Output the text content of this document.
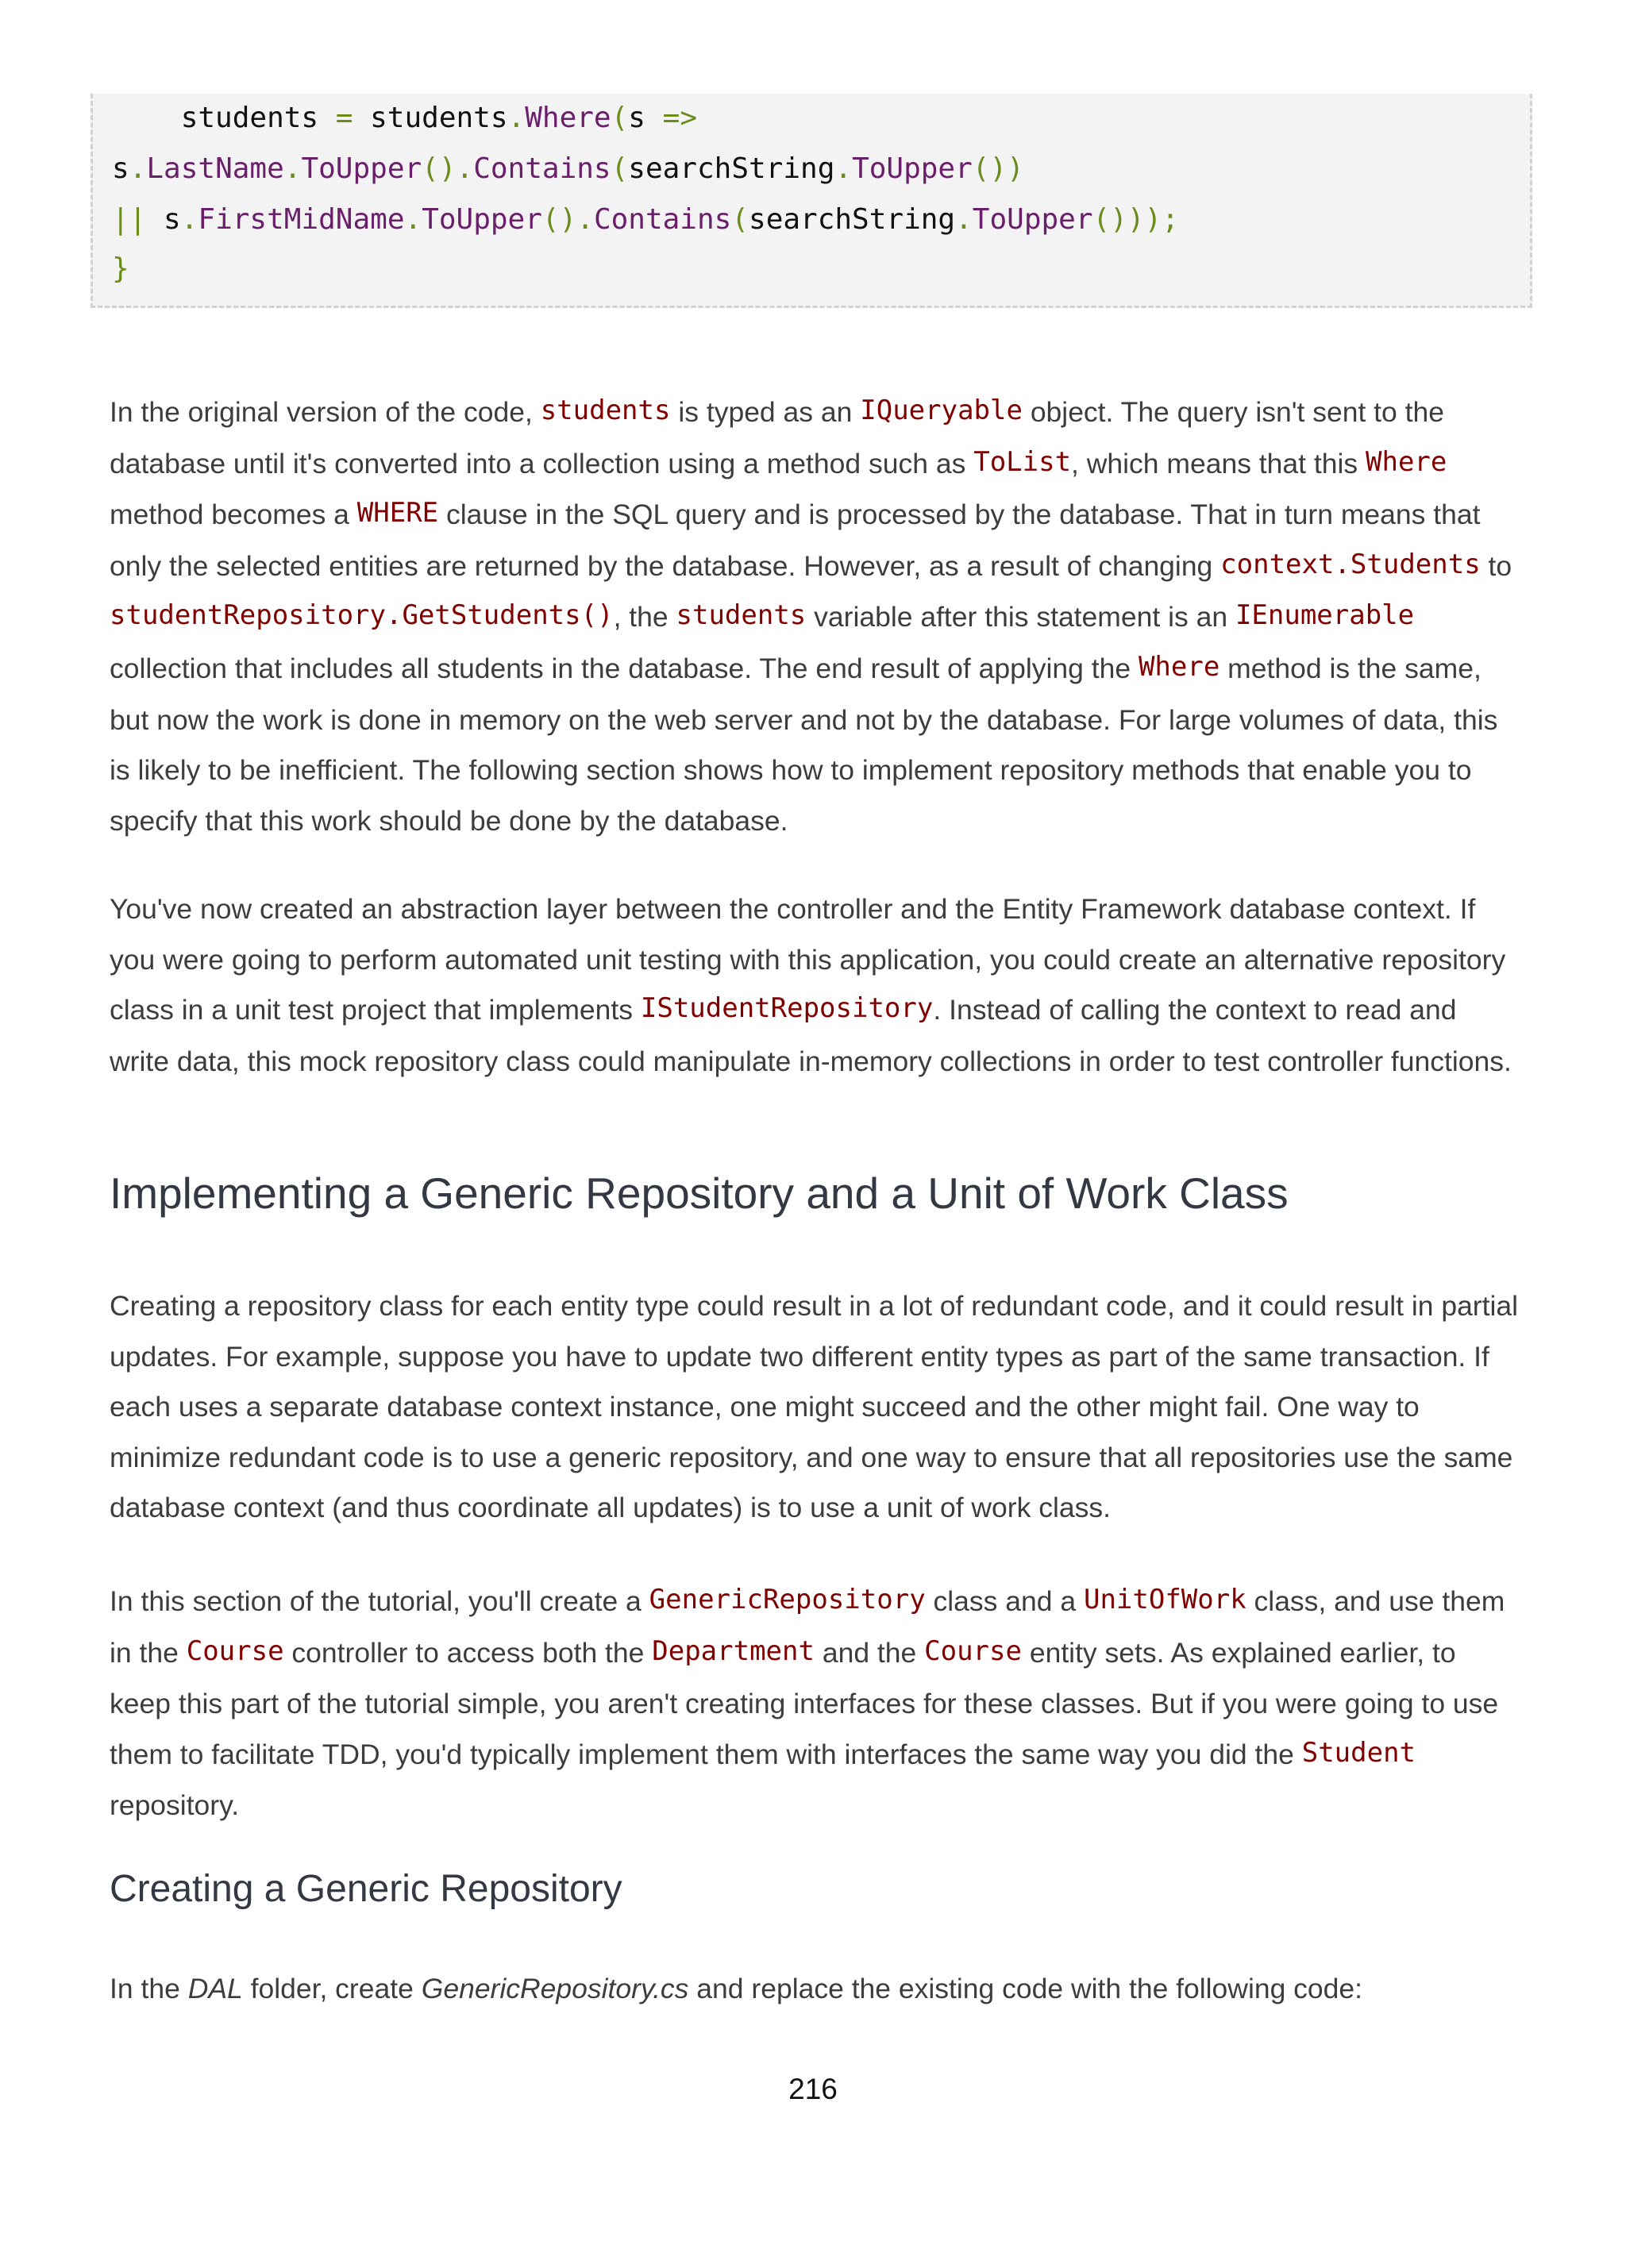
students = students.Where(s =>
s.LastName.ToUpper().Contains(searchString.ToUpper())
|| s.FirstMidName.ToUpper().Contains(searchString.ToUpper()));
}

In the original version of the code, students is typed as an IQueryable object. The query isn't sent to the database until it's converted into a collection using a method such as ToList, which means that this Where method becomes a WHERE clause in the SQL query and is processed by the database. That in turn means that only the selected entities are returned by the database. However, as a result of changing context.Students to studentRepository.GetStudents(), the students variable after this statement is an IEnumerable collection that includes all students in the database. The end result of applying the Where method is the same, but now the work is done in memory on the web server and not by the database. For large volumes of data, this is likely to be inefficient. The following section shows how to implement repository methods that enable you to specify that this work should be done by the database.

You've now created an abstraction layer between the controller and the Entity Framework database context. If you were going to perform automated unit testing with this application, you could create an alternative repository class in a unit test project that implements IStudentRepository. Instead of calling the context to read and write data, this mock repository class could manipulate in-memory collections in order to test controller functions.

Implementing a Generic Repository and a Unit of Work Class

Creating a repository class for each entity type could result in a lot of redundant code, and it could result in partial updates. For example, suppose you have to update two different entity types as part of the same transaction. If each uses a separate database context instance, one might succeed and the other might fail. One way to minimize redundant code is to use a generic repository, and one way to ensure that all repositories use the same database context (and thus coordinate all updates) is to use a unit of work class.

In this section of the tutorial, you'll create a GenericRepository class and a UnitOfWork class, and use them in the Course controller to access both the Department and the Course entity sets. As explained earlier, to keep this part of the tutorial simple, you aren't creating interfaces for these classes. But if you were going to use them to facilitate TDD, you'd typically implement them with interfaces the same way you did the Student repository.

Creating a Generic Repository

In the DAL folder, create GenericRepository.cs and replace the existing code with the following code:

216
